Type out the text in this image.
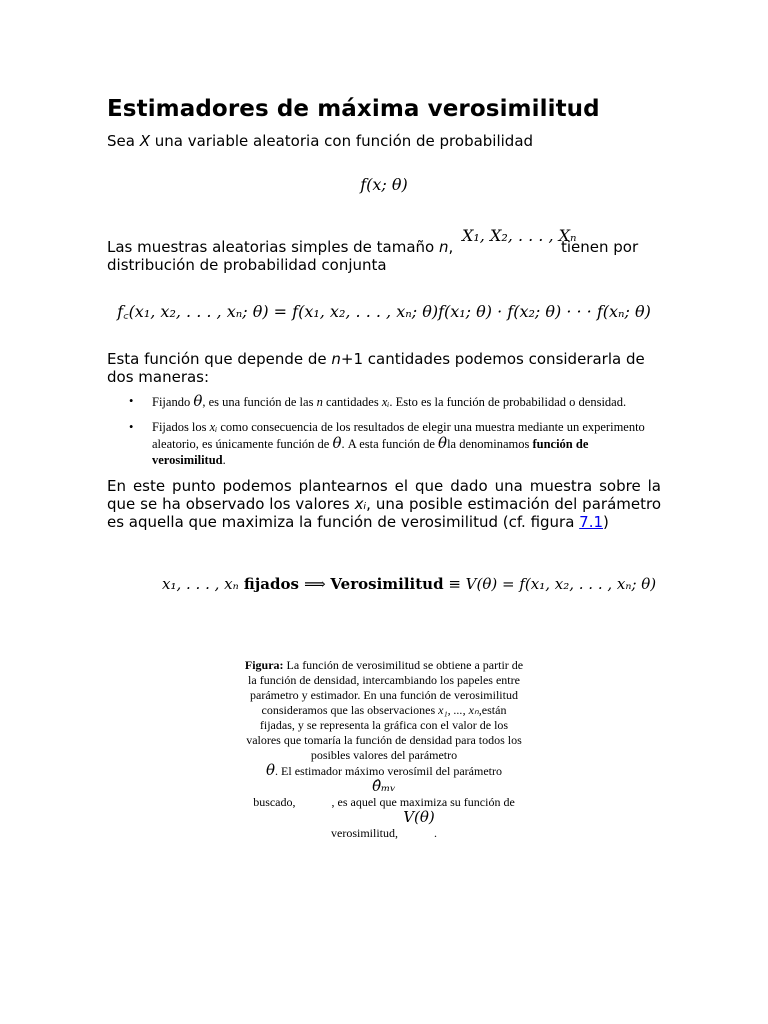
Estimadores de máxima verosimilitud

Sea X una variable aleatoria con función de probabilidad

f(x; θ)
X₁, X₂, . . . , Xₙ
Las muestras aleatorias simples de tamaño n,	tienen por
distribución de probabilidad conjunta
f꜀(x₁, x₂, . . . , xₙ; θ) = f(x₁, x₂, . . . , xₙ; θ)f(x₁; θ) · f(x₂; θ) · · · f(xₙ; θ)

Esta función que depende de n+1 cantidades podemos considerarla de dos maneras:

• Fijando θ, es una función de las n cantidades xᵢ. Esto es la función de probabilidad o densidad.
• Fijados los xᵢ como consecuencia de los resultados de elegir una muestra mediante un experimento aleatorio, es únicamente función de θ. A esta función de θla denominamos función de verosimilitud.

En este punto podemos plantearnos el que dado una muestra sobre la que se ha observado los valores xᵢ, una posible estimación del parámetro es aquella que maximiza la función de verosimilitud (cf. figura 7.1)

x₁, . . . , xₙ fijados ⟹ Verosimilitud ≡ V(θ) = f(x₁, x₂, . . . , xₙ; θ)
Figura: La función de verosimilitud se obtiene a partir de la función de densidad, intercambiando los papeles entre parámetro y estimador. En una función de verosimilitud consideramos que las observaciones x₁, ..., xₙ,están fijadas, y se representa la gráfica con el valor de los valores que tomaría la función de densidad para todos los posibles valores del parámetro
θ. El estimador máximo verosímil del parámetro
θ̂ₘᵥ
buscado,	, es aquel que maximiza su función de
V(θ)
verosimilitud,	.
